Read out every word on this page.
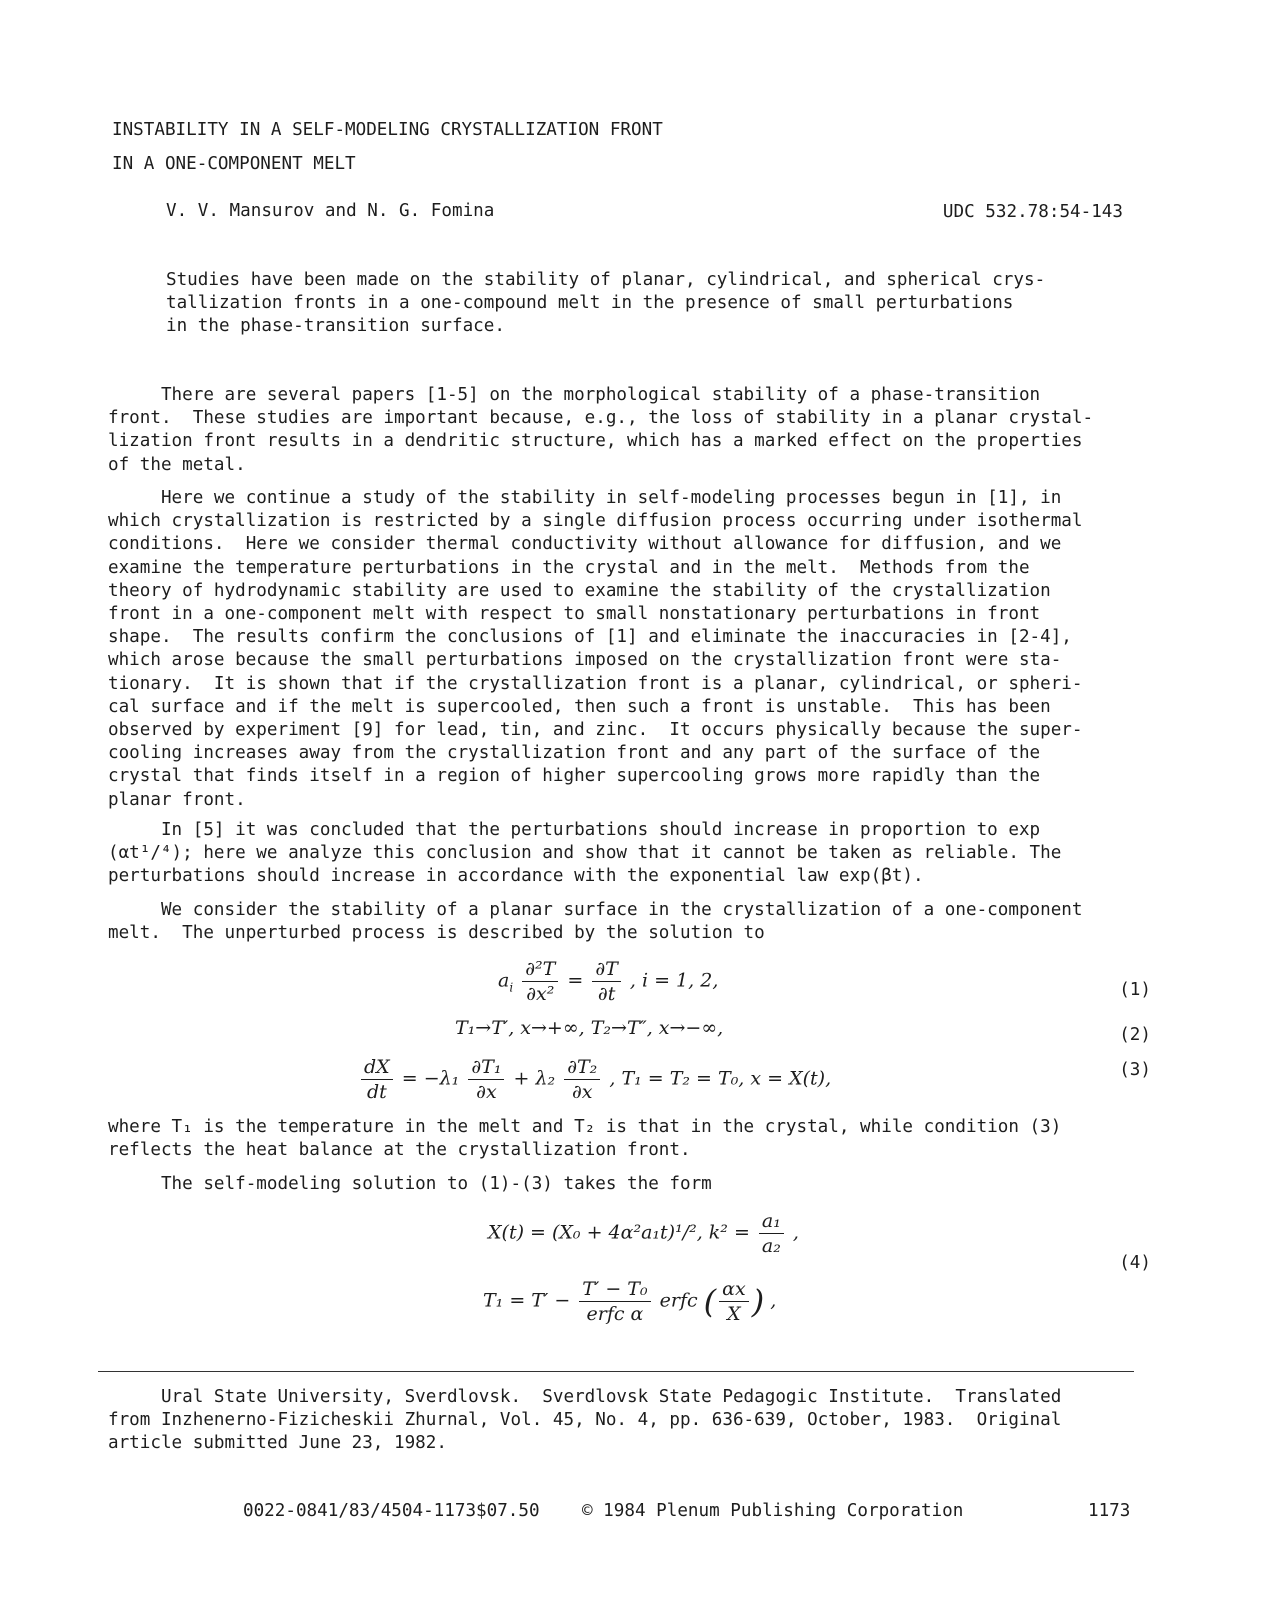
INSTABILITY IN A SELF-MODELING CRYSTALLIZATION FRONT
IN A ONE-COMPONENT MELT
V. V. Mansurov and N. G. Fomina	UDC 532.78:54-143
Studies have been made on the stability of planar, cylindrical, and spherical crys-
tallization fronts in a one-compound melt in the presence of small perturbations
in the phase-transition surface.
There are several papers [1-5] on the morphological stability of a phase-transition
front.  These studies are important because, e.g., the loss of stability in a planar crystal-
lization front results in a dendritic structure, which has a marked effect on the properties
of the metal.
Here we continue a study of the stability in self-modeling processes begun in [1], in
which crystallization is restricted by a single diffusion process occurring under isothermal
conditions.  Here we consider thermal conductivity without allowance for diffusion, and we
examine the temperature perturbations in the crystal and in the melt.  Methods from the
theory of hydrodynamic stability are used to examine the stability of the crystallization
front in a one-component melt with respect to small nonstationary perturbations in front
shape.  The results confirm the conclusions of [1] and eliminate the inaccuracies in [2-4],
which arose because the small perturbations imposed on the crystallization front were sta-
tionary.  It is shown that if the crystallization front is a planar, cylindrical, or spheri-
cal surface and if the melt is supercooled, then such a front is unstable.  This has been
observed by experiment [9] for lead, tin, and zinc.  It occurs physically because the super-
cooling increases away from the crystallization front and any part of the surface of the
crystal that finds itself in a region of higher supercooling grows more rapidly than the
planar front.
In [5] it was concluded that the perturbations should increase in proportion to exp
(αt¹/⁴); here we analyze this conclusion and show that it cannot be taken as reliable. The
perturbations should increase in accordance with the exponential law exp(βt).
We consider the stability of a planar surface in the crystallization of a one-component
melt.  The unperturbed process is described by the solution to
$a_i \frac{\text{∂²T}}{\text{∂x²}} = \frac{\partial T}{\partial t}$ , i = 1, 2,	(1)
T₁→T′, x→+∞, T₂→T″, x→−∞,	(2)
$\frac{dX}{dt} = -\lambda_1 \frac{\text{∂T₁}}{\partial x} + \lambda_2 \frac{\text{∂T₂}}{\partial x}$ , T₁ = T₂ = T₀, x = X(t),	(3)
where T₁ is the temperature in the melt and T₂ is that in the crystal, while condition (3)
reflects the heat balance at the crystallization front.
The self-modeling solution to (1)-(3) takes the form
X(t) = (X₀ + 4α²a₁t)¹/², $k^2 = \frac{\text{a₁}}{\text{a₂}}$ ,
$T_1 = T' - \frac{\text{T′ − T₀}}{\text{erfc α}}$ erfc ( $\frac{\alpha x}{X}$ ) ,
(4)
Ural State University, Sverdlovsk.  Sverdlovsk State Pedagogic Institute.  Translated
from Inzhenerno-Fizicheskii Zhurnal, Vol. 45, No. 4, pp. 636-639, October, 1983.  Original
article submitted June 23, 1982.
0022-0841/83/4504-1173$07.50 © 1984 Plenum Publishing Corporation	1173
